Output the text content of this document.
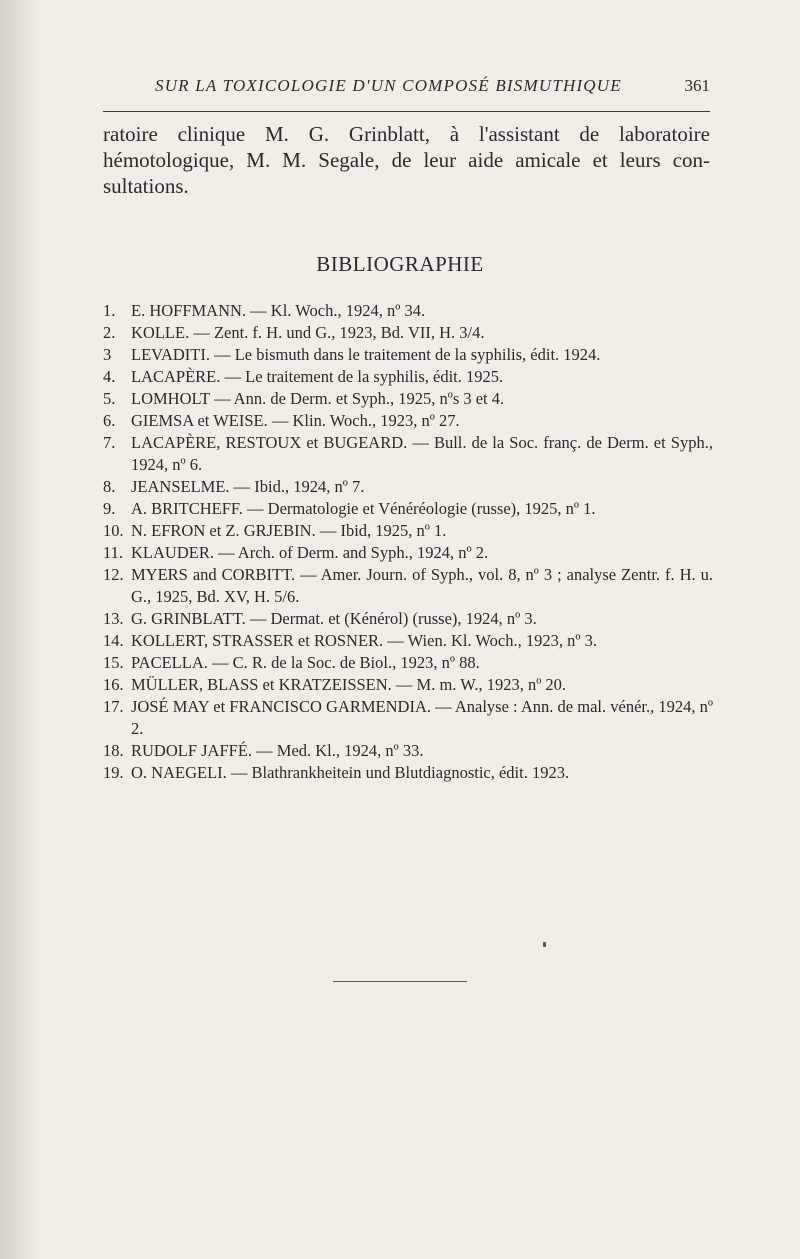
SUR LA TOXICOLOGIE D'UN COMPOSÉ BISMUTHIQUE	361
ratoire clinique M. G. Grinblatt, à l'assistant de laboratoire
hémotologique, M. M. Segale, de leur aide amicale et leurs con-
sultations.
BIBLIOGRAPHIE
1. E. HOFFMANN. — Kl. Woch., 1924, nº 34.
2. KOLLE. — Zent. f. H. und G., 1923, Bd. VII, H. 3/4.
3	LEVADITI. — Le bismuth dans le traitement de la syphilis, édit. 1924.
4. LACAPÈRE. — Le traitement de la syphilis, édit. 1925.
5. LOMHOLT — Ann. de Derm. et Syph., 1925, nºs 3 et 4.
6. GIEMSA et WEISE. — Klin. Woch., 1923, nº 27.
7. LACAPÈRE, RESTOUX et BUGEARD. — Bull. de la Soc. franç. de Derm. et Syph., 1924, nº 6.
8. JEANSELME. — Ibid., 1924, nº 7.
9. A. BRITCHEFF. — Dermatologie et Vénéréologie (russe), 1925, nº 1.
10. N. EFRON et Z. GRJEBIN. — Ibid, 1925, nº 1.
11. KLAUDER. — Arch. of Derm. and Syph., 1924, nº 2.
12. MYERS and CORBITT. — Amer. Journ. of Syph., vol. 8, nº 3 ; analyse Zentr. f. H. u. G., 1925, Bd. XV, H. 5/6.
13. G. GRINBLATT. — Dermat. et (Kénérol) (russe), 1924, nº 3.
14. KOLLERT, STRASSER et ROSNER. — Wien. Kl. Woch., 1923, nº 3.
15. PACELLA. — C. R. de la Soc. de Biol., 1923, nº 88.
16. MÜLLER, BLASS et KRATZEISSEN. — M. m. W., 1923, nº 20.
17. JOSÉ MAY et FRANCISCO GARMENDIA. — Analyse : Ann. de mal. vénér., 1924, nº 2.
18. RUDOLF JAFFÉ. — Med. Kl., 1924, nº 33.
19. O. NAEGELI. — Blathrankheitein und Blutdiagnostic, édit. 1923.
